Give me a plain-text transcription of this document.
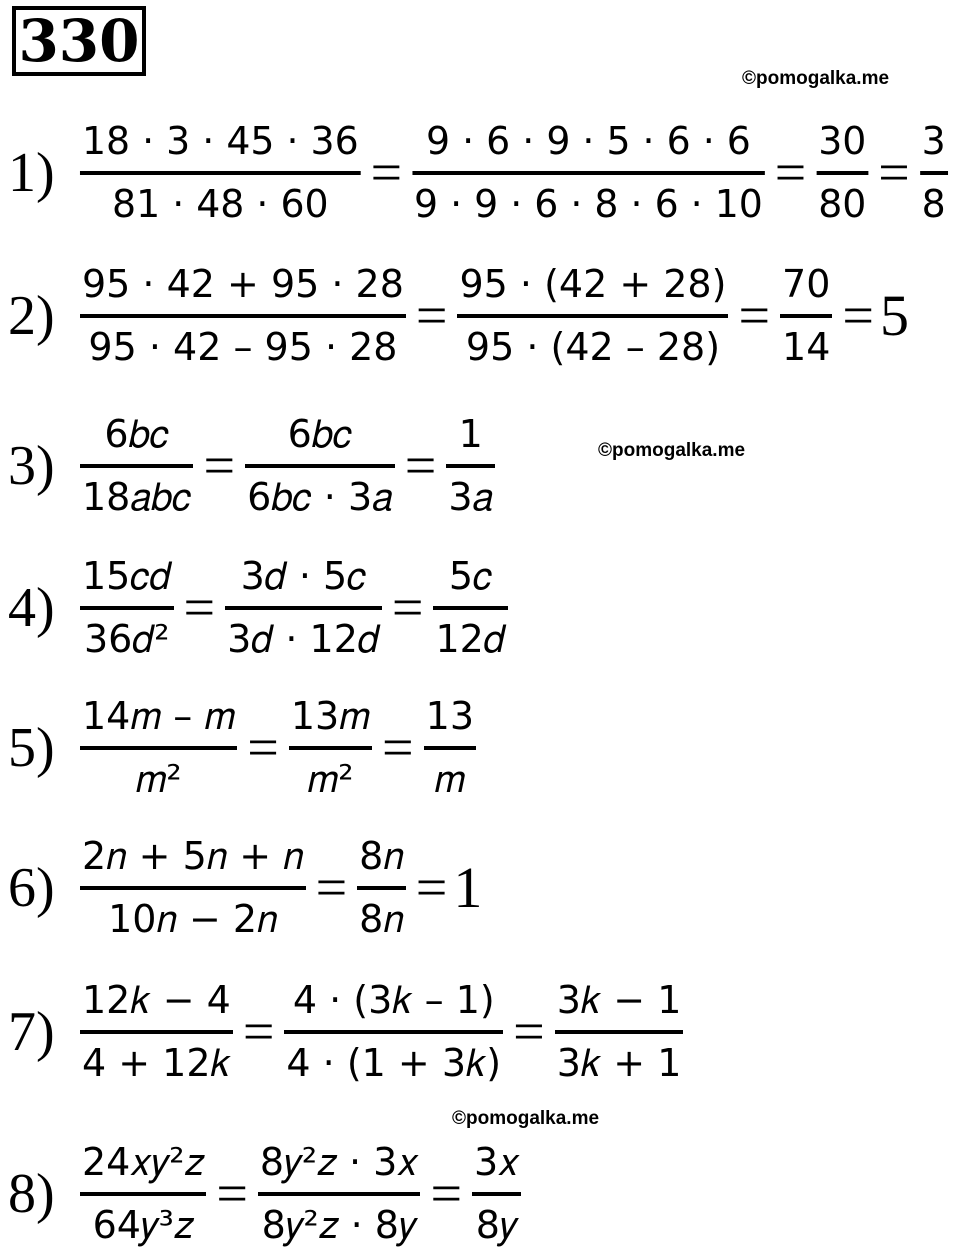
330
©pomogalka.me
©pomogalka.me
©pomogalka.me
$1) \frac{18 \cdot 3 \cdot 45 \cdot 36}{81 \cdot 48 \cdot 60} = \frac{9 \cdot 6 \cdot 9 \cdot 5 \cdot 6 \cdot 6}{9 \cdot 9 \cdot 6 \cdot 8 \cdot 6 \cdot 10} = \frac{30}{80} = \frac{3}{8}$
$2) \frac{95 \cdot 42 + 95 \cdot 28}{95 \cdot 42 - 95 \cdot 28} = \frac{95 \cdot (42 + 28)}{95 \cdot (42 - 28)} = \frac{70}{14} = 5$
$3) \frac{\text{6𝑏𝑐}}{\text{18𝑎𝑏𝑐}} = \frac{\text{6𝑏𝑐}}{\text{6𝑏𝑐 · 3𝑎}} = \frac{1}{\text{3𝑎}}$
$4) \frac{\text{15𝑐𝑑}}{\text{36𝑑²}} = \frac{\text{3𝑑 · 5𝑐}}{\text{3𝑑 · 12𝑑}} = \frac{\text{5𝑐}}{\text{12𝑑}}$
$5) \frac{\text{14𝑚 – 𝑚}}{\text{𝑚²}} = \frac{\text{13𝑚}}{\text{𝑚²}} = \frac{13}{\text{𝑚}}$
$6) \frac{\text{2𝑛 + 5𝑛 + 𝑛}}{\text{10𝑛 − 2𝑛}} = \frac{\text{8𝑛}}{\text{8𝑛}} = 1$
$7) \frac{\text{12𝑘 − 4}}{\text{4 + 12𝑘}} = \frac{\text{4 · (3𝑘 – 1)}}{\text{4 · (1 + 3𝑘)}} = \frac{\text{3𝑘 − 1}}{\text{3𝑘 + 1}}$
$8) \frac{\text{24𝑥𝑦²𝑧}}{\text{64𝑦³𝑧}} = \frac{\text{8𝑦²𝑧 · 3𝑥}}{\text{8𝑦²𝑧 · 8𝑦}} = \frac{\text{3𝑥}}{\text{8𝑦}}$
